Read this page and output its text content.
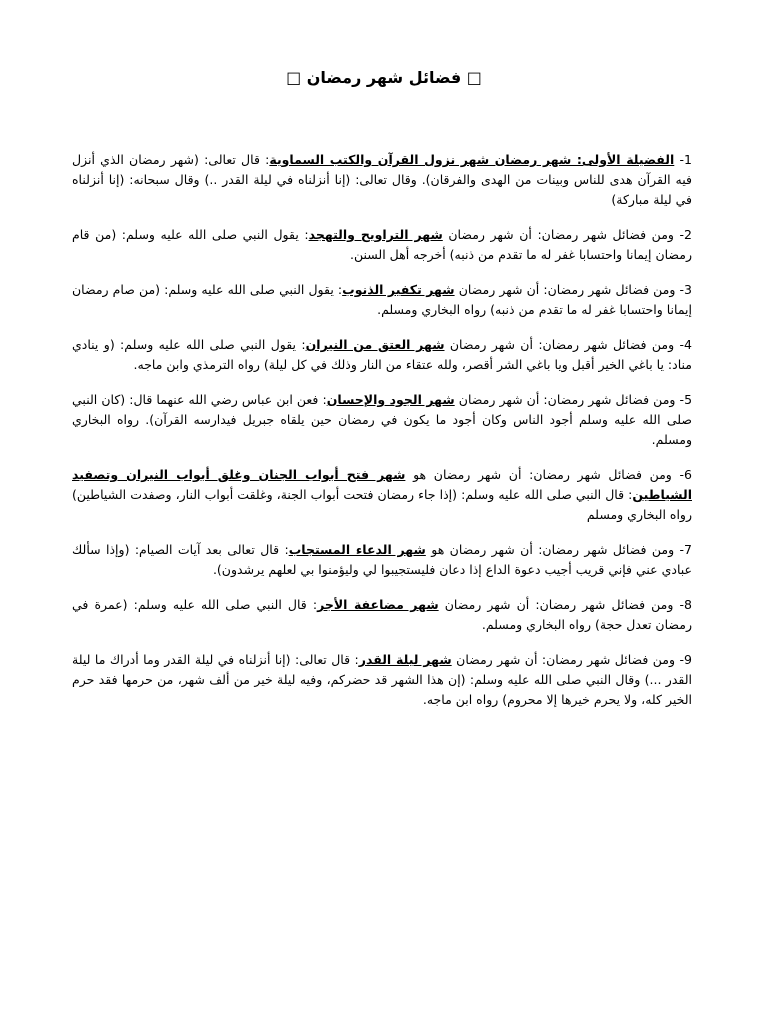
□ فضائل شهر رمضان □

1- الفضيلة الأولى: شهر رمضان شهر نزول القرآن والكتب السماوية: قال تعالى: (شهر رمضان الذي أنزل فيه القرآن هدى للناس وبينات من الهدى والفرقان). وقال تعالى: (إنا أنزلناه في ليلة القدر ..) وقال سبحانه: (إنا أنزلناه في ليلة مباركة)

2- ومن فضائل شهر رمضان: أن شهر رمضان شهر التراويح والتهجد: يقول النبي صلى الله عليه وسلم: (من قام رمضان إيمانا واحتسابا غفر له ما تقدم من ذنبه) أخرجه أهل السنن.

3- ومن فضائل شهر رمضان: أن شهر رمضان شهر تكفير الذنوب: يقول النبي صلى الله عليه وسلم: (من صام رمضان إيمانا واحتسابا غفر له ما تقدم من ذنبه) رواه البخاري ومسلم.

4- ومن فضائل شهر رمضان: أن شهر رمضان شهر العتق من النيران: يقول النبي صلى الله عليه وسلم: (و ينادي مناد: يا باغي الخير أقبل ويا باغي الشر أقصر، ولله عتقاء من النار وذلك في كل ليلة) رواه الترمذي وابن ماجه.

5- ومن فضائل شهر رمضان: أن شهر رمضان شهر الجود والإحسان: فعن ابن عباس رضي الله عنهما قال: (كان النبي صلى الله عليه وسلم أجود الناس وكان أجود ما يكون في رمضان حين يلقاه جبريل فيدارسه القرآن). رواه البخاري ومسلم.

6- ومن فضائل شهر رمضان: أن شهر رمضان هو شهر فتح أبواب الجنان وغلق أبواب النيران وتصفيد الشياطين: قال النبي صلى الله عليه وسلم: (إذا جاء رمضان فتحت أبواب الجنة، وغلقت أبواب النار، وصفدت الشياطين) رواه البخاري ومسلم

7- ومن فضائل شهر رمضان: أن شهر رمضان هو شهر الدعاء المستجاب: قال تعالى بعد آيات الصيام: (وإذا سألك عبادي عني فإني قريب أجيب دعوة الداع إذا دعان فليستجيبوا لي وليؤمنوا بي لعلهم يرشدون).

8- ومن فضائل شهر رمضان: أن شهر رمضان شهر مضاعفة الأجر: قال النبي صلى الله عليه وسلم: (عمرة في رمضان تعدل حجة) رواه البخاري ومسلم.

9- ومن فضائل شهر رمضان: أن شهر رمضان شهر ليلة القدر: قال تعالى: (إنا أنزلناه في ليلة القدر وما أدراك ما ليلة القدر ...) وقال النبي صلى الله عليه وسلم: (إن هذا الشهر قد حضركم، وفيه ليلة خير من ألف شهر، من حرمها فقد حرم الخير كله، ولا يحرم خيرها إلا محروم) رواه ابن ماجه.
